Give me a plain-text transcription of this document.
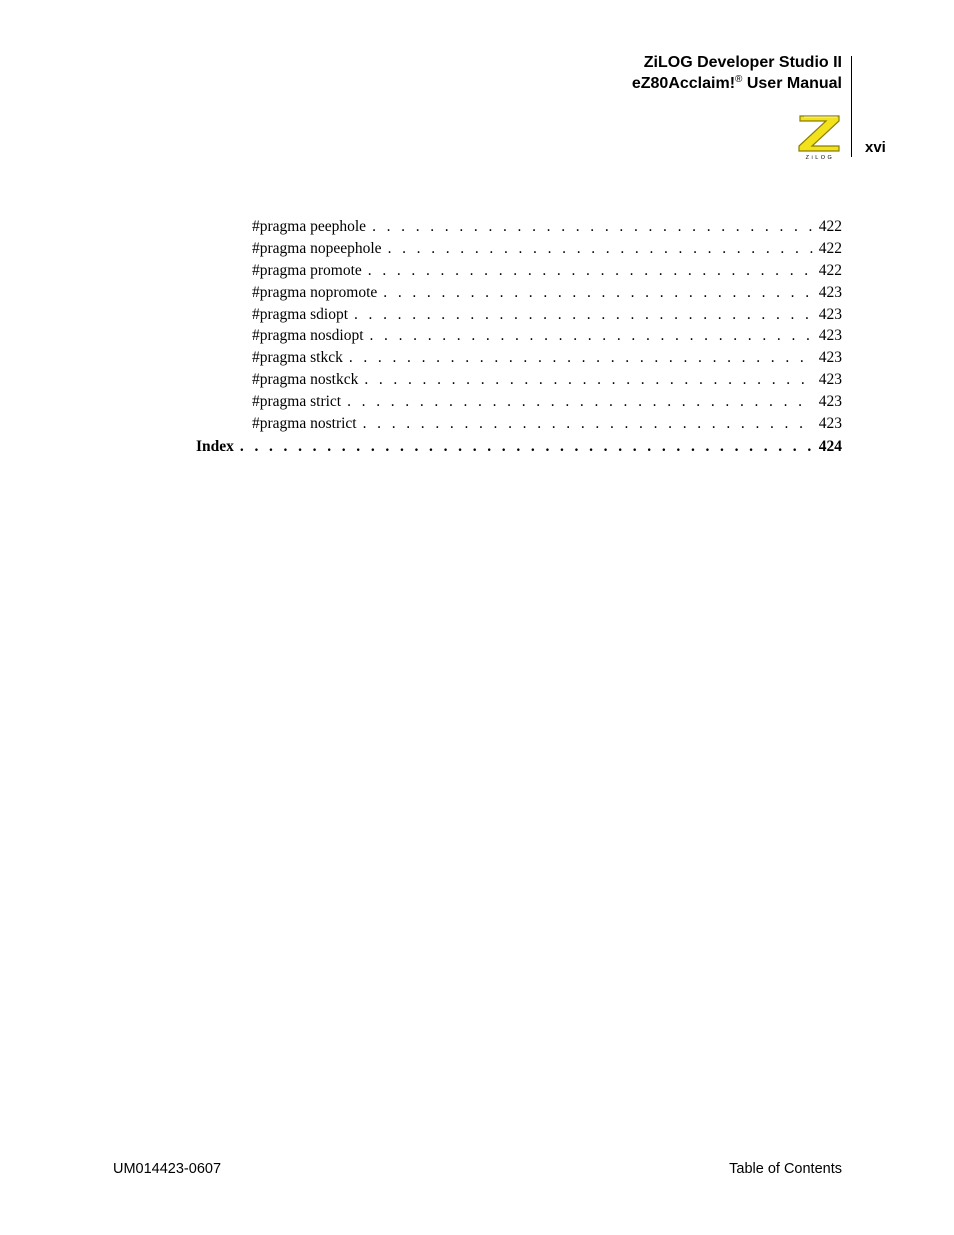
ZiLOG Developer Studio II
eZ80Acclaim!® User Manual
ZiLOG
xvi
#pragma peephole . . .	422
#pragma nopeephole . . .	422
#pragma promote . . .	422
#pragma nopromote . . .	423
#pragma sdiopt . . .	423
#pragma nosdiopt . . .	423
#pragma stkck . . .	423
#pragma nostkck . . .	423
#pragma strict . . .	423
#pragma nostrict . . .	423
Index . . .	424
UM014423-0607	Table of Contents
